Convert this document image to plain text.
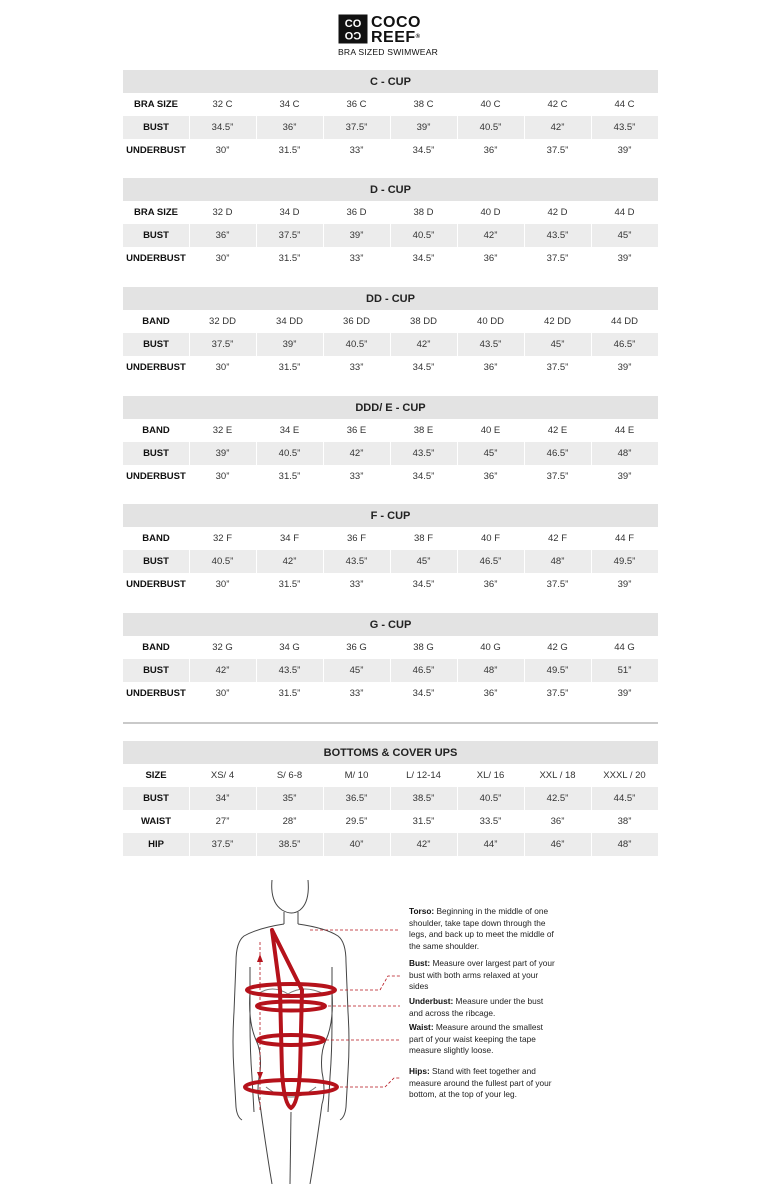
CO
CO
COCO
REEF®
BRA SIZED SWIMWEAR
C - CUP							
BRA SIZE	32 C	34 C	36 C	38 C	40 C	42 C	44 C
BUST	34.5”	36”	37.5”	39”	40.5”	42”	43.5”
UNDERBUST	30”	31.5”	33”	34.5”	36”	37.5”	39”
D - CUP							
BRA SIZE	32 D	34 D	36 D	38 D	40 D	42 D	44 D
BUST	36”	37.5”	39”	40.5”	42”	43.5”	45”
UNDERBUST	30”	31.5”	33”	34.5”	36”	37.5”	39”
DD - CUP							
BAND	32 DD	34 DD	36 DD	38 DD	40 DD	42 DD	44 DD
BUST	37.5”	39”	40.5”	42”	43.5”	45”	46.5”
UNDERBUST	30”	31.5”	33”	34.5”	36”	37.5”	39”
DDD/ E - CUP							
BAND	32 E	34 E	36 E	38 E	40 E	42 E	44 E
BUST	39”	40.5”	42”	43.5”	45”	46.5”	48”
UNDERBUST	30”	31.5”	33”	34.5”	36”	37.5”	39”
F - CUP							
BAND	32 F	34 F	36 F	38 F	40 F	42 F	44 F
BUST	40.5”	42”	43.5”	45”	46.5”	48”	49.5”
UNDERBUST	30”	31.5”	33”	34.5”	36”	37.5”	39”
G - CUP							
BAND	32 G	34 G	36 G	38 G	40 G	42 G	44 G
BUST	42”	43.5”	45”	46.5”	48”	49.5”	51”
UNDERBUST	30”	31.5”	33”	34.5”	36”	37.5”	39”
BOTTOMS & COVER UPS							
SIZE	XS/ 4	S/ 6-8	M/ 10	L/ 12-14	XL/ 16	XXL / 18	XXXL / 20
BUST	34”	35”	36.5”	38.5”	40.5”	42.5”	44.5”
WAIST	27”	28”	29.5”	31.5”	33.5”	36”	38”
HIP	37.5”	38.5”	40”	42”	44”	46”	48”
Torso: Beginning in the middle of one shoulder, take tape down through the legs, and back up to meet the middle of the same shoulder.
Bust: Measure over largest part of your bust with both arms relaxed at your sides
Underbust: Measure under the bust and across the ribcage.
Waist: Measure around the smallest part of your waist keeping the tape measure slightly loose.
Hips: Stand with feet together and measure around the fullest part of your bottom, at the top of your leg.
